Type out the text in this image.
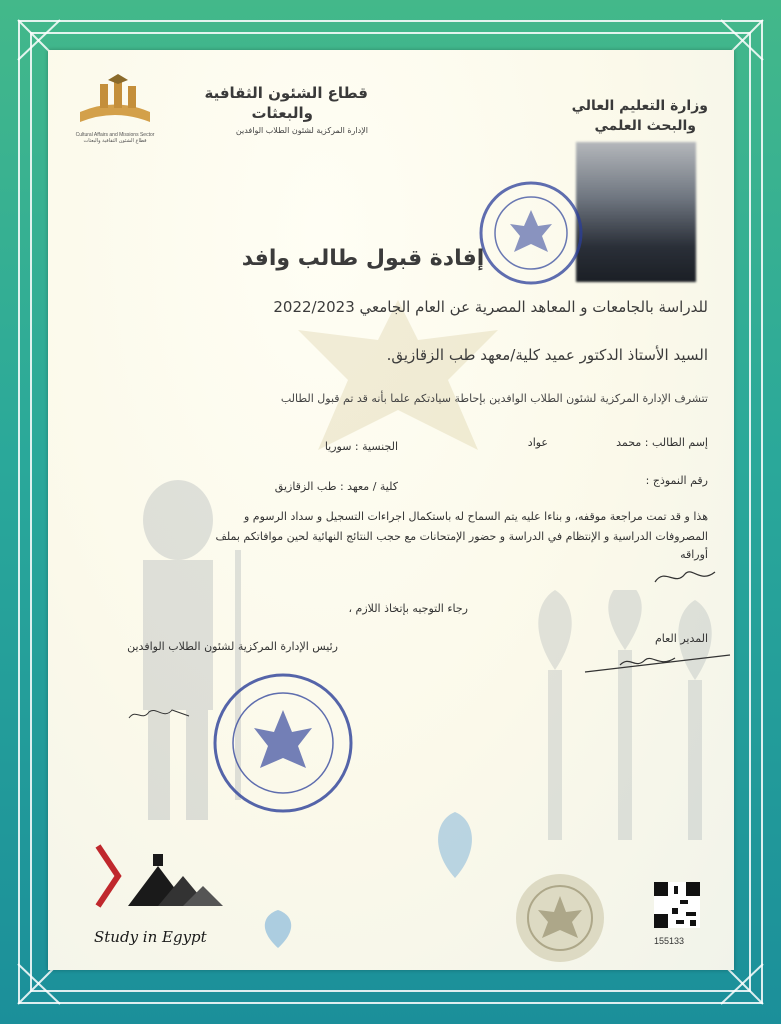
Cultural Affairs and Missions Sector
قطاع الشئون الثقافية والبعثات
قطاع الشئون الثقافية
والبعثات
الإدارة المركزية لشئون الطلاب الوافدين
وزارة التعليم العالي
والبحث العلمي
إفادة قبول طالب وافد
للدراسة بالجامعات و المعاهد المصرية عن العام الجامعي 2022/2023
السيد الأستاذ الدكتور عميد كلية/معهد طب الزقازيق.
تتشرف الإدارة المركزية لشئون الطلاب الوافدين بإحاطة سيادتكم علما بأنه قد تم قبول الطالب
إسم الطالب : محمد
عواد
الجنسية : سوريا
رقم النموذج :
كلية / معهد : طب الزقازيق
هذا و قد تمت مراجعة موقفه، و بناءا عليه يتم السماح له باستكمال اجراءات التسجيل و سداد الرسوم و
المصروفات الدراسية و الإنتظام في الدراسة و حضور الإمتحانات مع حجب النتائج النهائية لحين موافاتكم بملف
أوراقه
رجاء التوجيه بإتخاذ اللازم ،
رئيس الإدارة المركزية لشئون الطلاب الوافدين
المدير العام
155133
Study in Egypt
